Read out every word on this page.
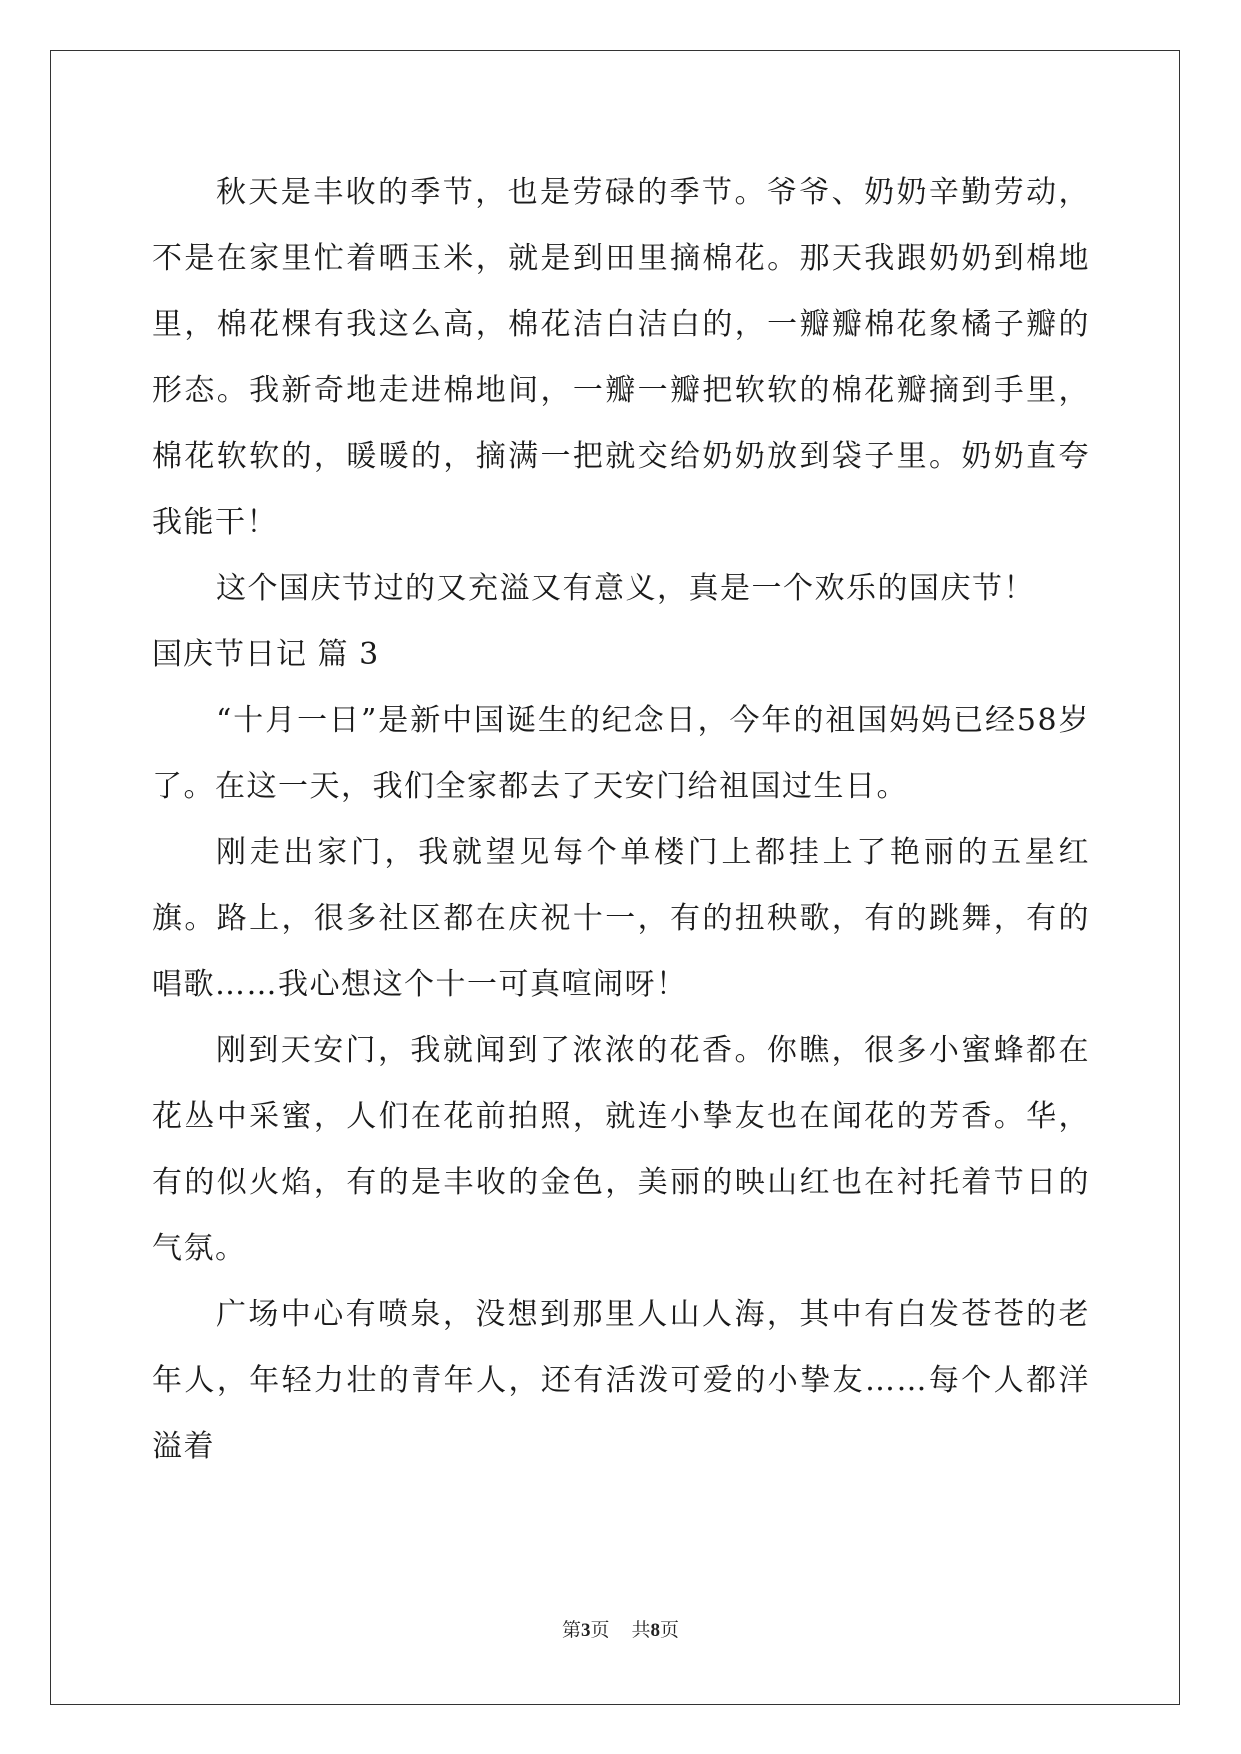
秋天是丰收的季节，也是劳碌的季节。爷爷、奶奶辛勤劳动，不是在家里忙着晒玉米，就是到田里摘棉花。那天我跟奶奶到棉地里，棉花棵有我这么高，棉花洁白洁白的，一瓣瓣棉花象橘子瓣的形态。我新奇地走进棉地间，一瓣一瓣把软软的棉花瓣摘到手里，棉花软软的，暖暖的，摘满一把就交给奶奶放到袋子里。奶奶直夸我能干！

这个国庆节过的又充溢又有意义，真是一个欢乐的国庆节！

国庆节日记 篇 3

“十月一日”是新中国诞生的纪念日，今年的祖国妈妈已经58岁了。在这一天，我们全家都去了天安门给祖国过生日。

刚走出家门，我就望见每个单楼门上都挂上了艳丽的五星红旗。路上，很多社区都在庆祝十一，有的扭秧歌，有的跳舞，有的唱歌……我心想这个十一可真喧闹呀！

刚到天安门，我就闻到了浓浓的花香。你瞧，很多小蜜蜂都在花丛中采蜜，人们在花前拍照，就连小挚友也在闻花的芳香。华，有的似火焰，有的是丰收的金色，美丽的映山红也在衬托着节日的气氛。

广场中心有喷泉，没想到那里人山人海，其中有白发苍苍的老年人，年轻力壮的青年人，还有活泼可爱的小挚友……每个人都洋溢着

第3页 共8页
